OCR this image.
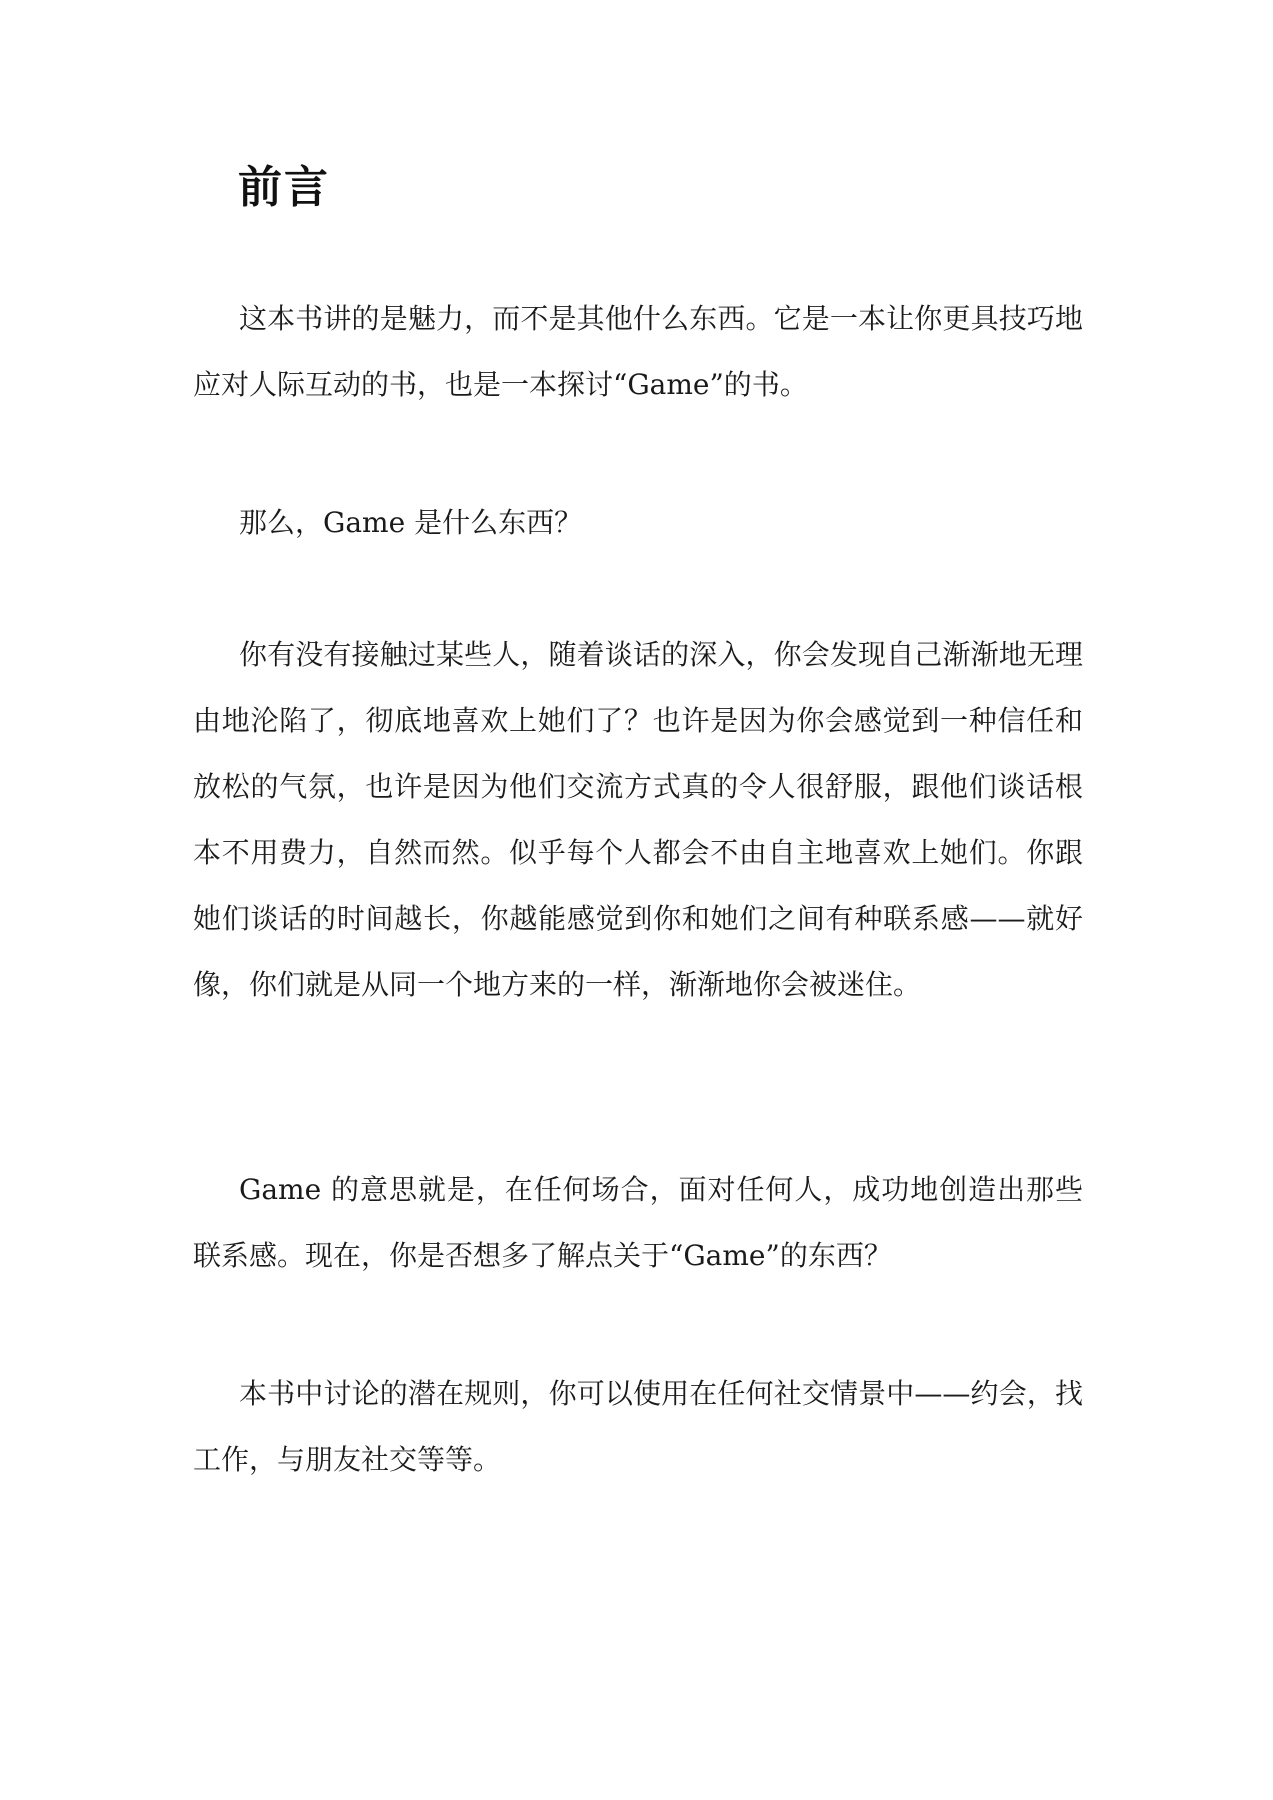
前言

这本书讲的是魅力，而不是其他什么东西。它是一本让你更具技巧地应对人际互动的书，也是一本探讨“Game”的书。

那么，Game 是什么东西？

你有没有接触过某些人，随着谈话的深入，你会发现自己渐渐地无理由地沦陷了，彻底地喜欢上她们了？也许是因为你会感觉到一种信任和放松的气氛，也许是因为他们交流方式真的令人很舒服，跟他们谈话根本不用费力，自然而然。似乎每个人都会不由自主地喜欢上她们。你跟她们谈话的时间越长，你越能感觉到你和她们之间有种联系感——就好像，你们就是从同一个地方来的一样，渐渐地你会被迷住。

Game 的意思就是，在任何场合，面对任何人，成功地创造出那些联系感。现在，你是否想多了解点关于“Game”的东西？

本书中讨论的潜在规则，你可以使用在任何社交情景中——约会，找工作，与朋友社交等等。
